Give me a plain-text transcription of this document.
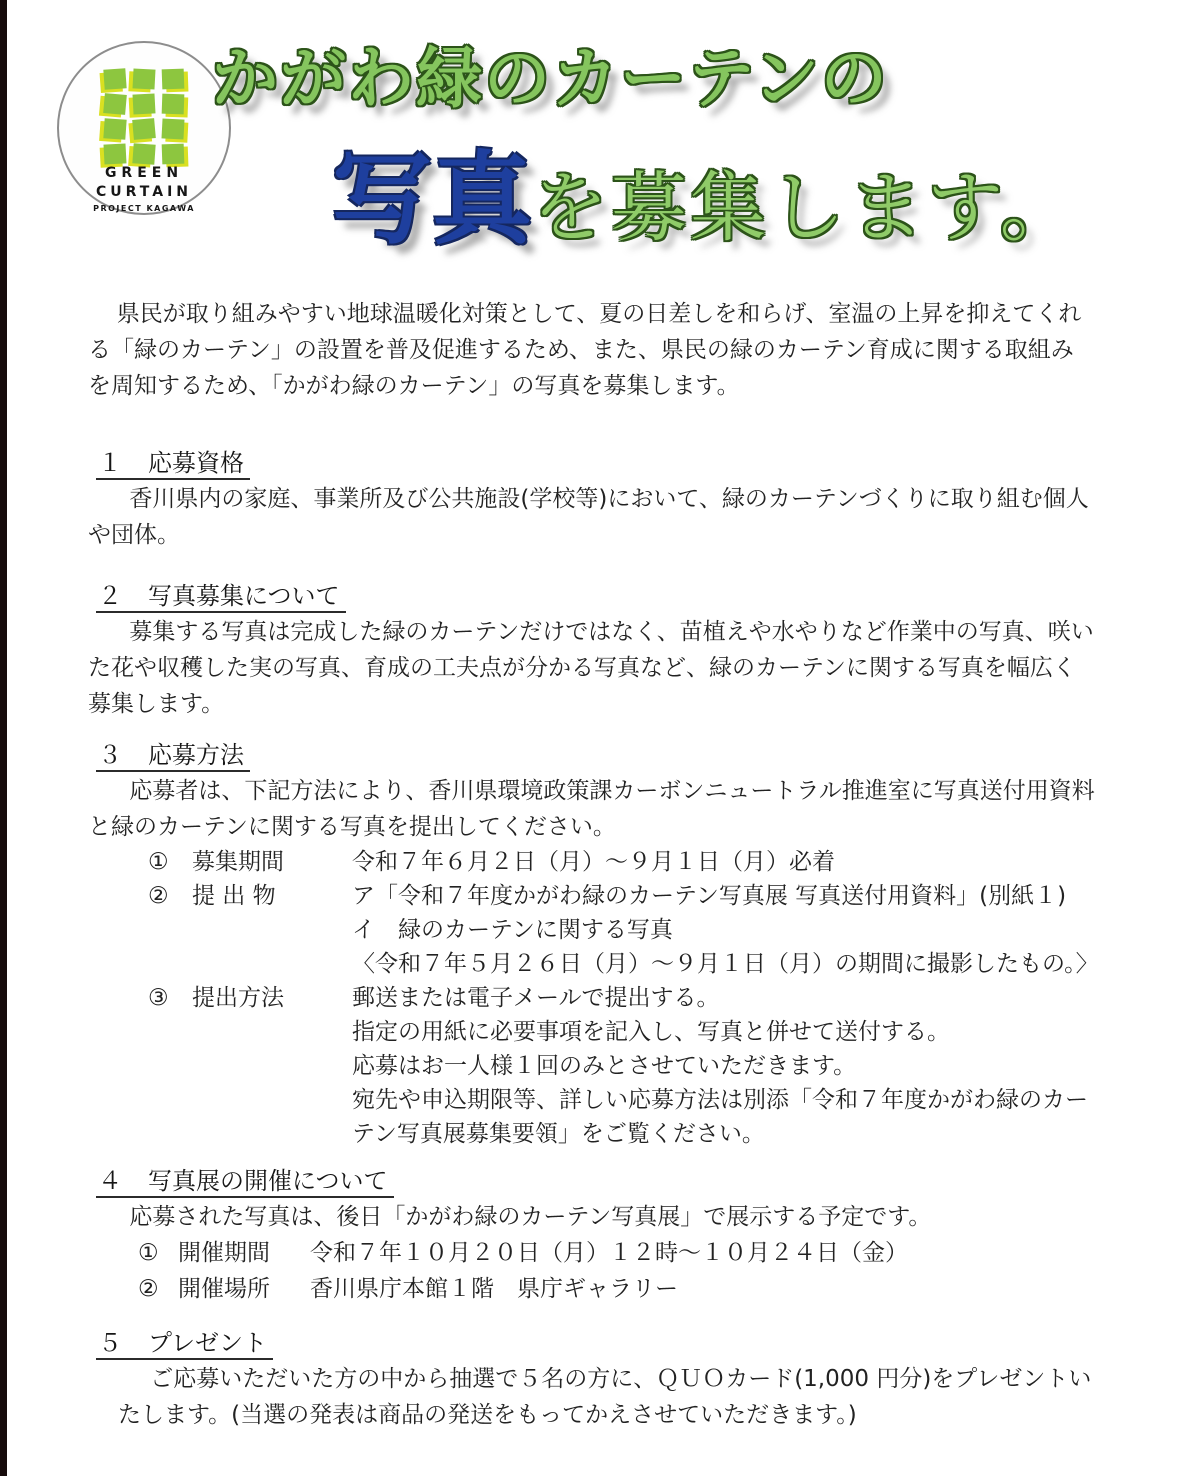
GREEN
CURTAIN
PROJECT KAGAWA
かがわ緑のカーテンの
写真を募集します。

県民が取り組みやすい地球温暖化対策として、夏の日差しを和らげ、室温の上昇を抑えてくれる「緑のカーテン」の設置を普及促進するため、また、県民の緑のカーテン育成に関する取組みを周知するため、「かがわ緑のカーテン」の写真を募集します。

１ 応募資格

香川県内の家庭、事業所及び公共施設(学校等)において、緑のカーテンづくりに取り組む個人や団体。

２ 写真募集について

募集する写真は完成した緑のカーテンだけではなく、苗植えや水やりなど作業中の写真、咲いた花や収穫した実の写真、育成の工夫点が分かる写真など、緑のカーテンに関する写真を幅広く募集します。

３ 応募方法

応募者は、下記方法により、香川県環境政策課カーボンニュートラル推進室に写真送付用資料と緑のカーテンに関する写真を提出してください。

①	募集期間	令和７年６月２日（月）～９月１日（月）必着
②	提 出 物	ア「令和７年度かがわ緑のカーテン写真展 写真送付用資料」(別紙１)
イ　緑のカーテンに関する写真
〈令和７年５月２６日（月）～９月１日（月）の期間に撮影したもの。〉
③	提出方法	郵送または電子メールで提出する。
指定の用紙に必要事項を記入し、写真と併せて送付する。
応募はお一人様１回のみとさせていただきます。
宛先や申込期限等、詳しい応募方法は別添「令和７年度かがわ緑のカーテン写真展募集要領」をご覧ください。
４ 写真展の開催について

応募された写真は、後日「かがわ緑のカーテン写真展」で展示する予定です。

① 開催期間	令和７年１０月２０日（月）１２時～１０月２４日（金）
② 開催場所	香川県庁本館１階　県庁ギャラリー
５ プレゼント

ご応募いただいた方の中から抽選で５名の方に、ＱＵＯカード(1,000 円分)をプレゼントいたします。(当選の発表は商品の発送をもってかえさせていただきます。)
